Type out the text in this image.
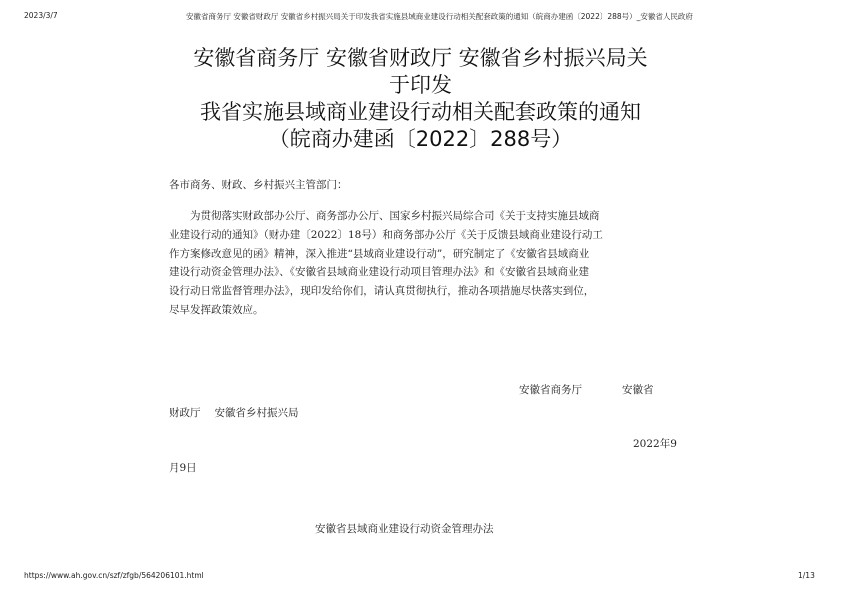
2023/3/7	安徽省商务厅 安徽省财政厅 安徽省乡村振兴局关于印发我省实施县域商业建设行动相关配套政策的通知（皖商办建函〔2022〕288号）_安徽省人民政府
安徽省商务厅 安徽省财政厅 安徽省乡村振兴局关
于印发
我省实施县域商业建设行动相关配套政策的通知
（皖商办建函〔2022〕288号）
各市商务、财政、乡村振兴主管部门：
为贯彻落实财政部办公厅、商务部办公厅、国家乡村振兴局综合司《关于支持实施县域商
业建设行动的通知》（财办建〔2022〕18号）和商务部办公厅《关于反馈县域商业建设行动工
作方案修改意见的函》精神，深入推进“县域商业建设行动”，研究制定了《安徽省县域商业
建设行动资金管理办法》、《安徽省县域商业建设行动项目管理办法》和《安徽省县域商业建
设行动日常监督管理办法》，现印发给你们，请认真贯彻执行，推动各项措施尽快落实到位，
尽早发挥政策效应。
安徽省商务厅	安徽省
财政厅 安徽省乡村振兴局
2022年9
月9日
安徽省县域商业建设行动资金管理办法
https://www.ah.gov.cn/szf/zfgb/564206101.html	1/13
